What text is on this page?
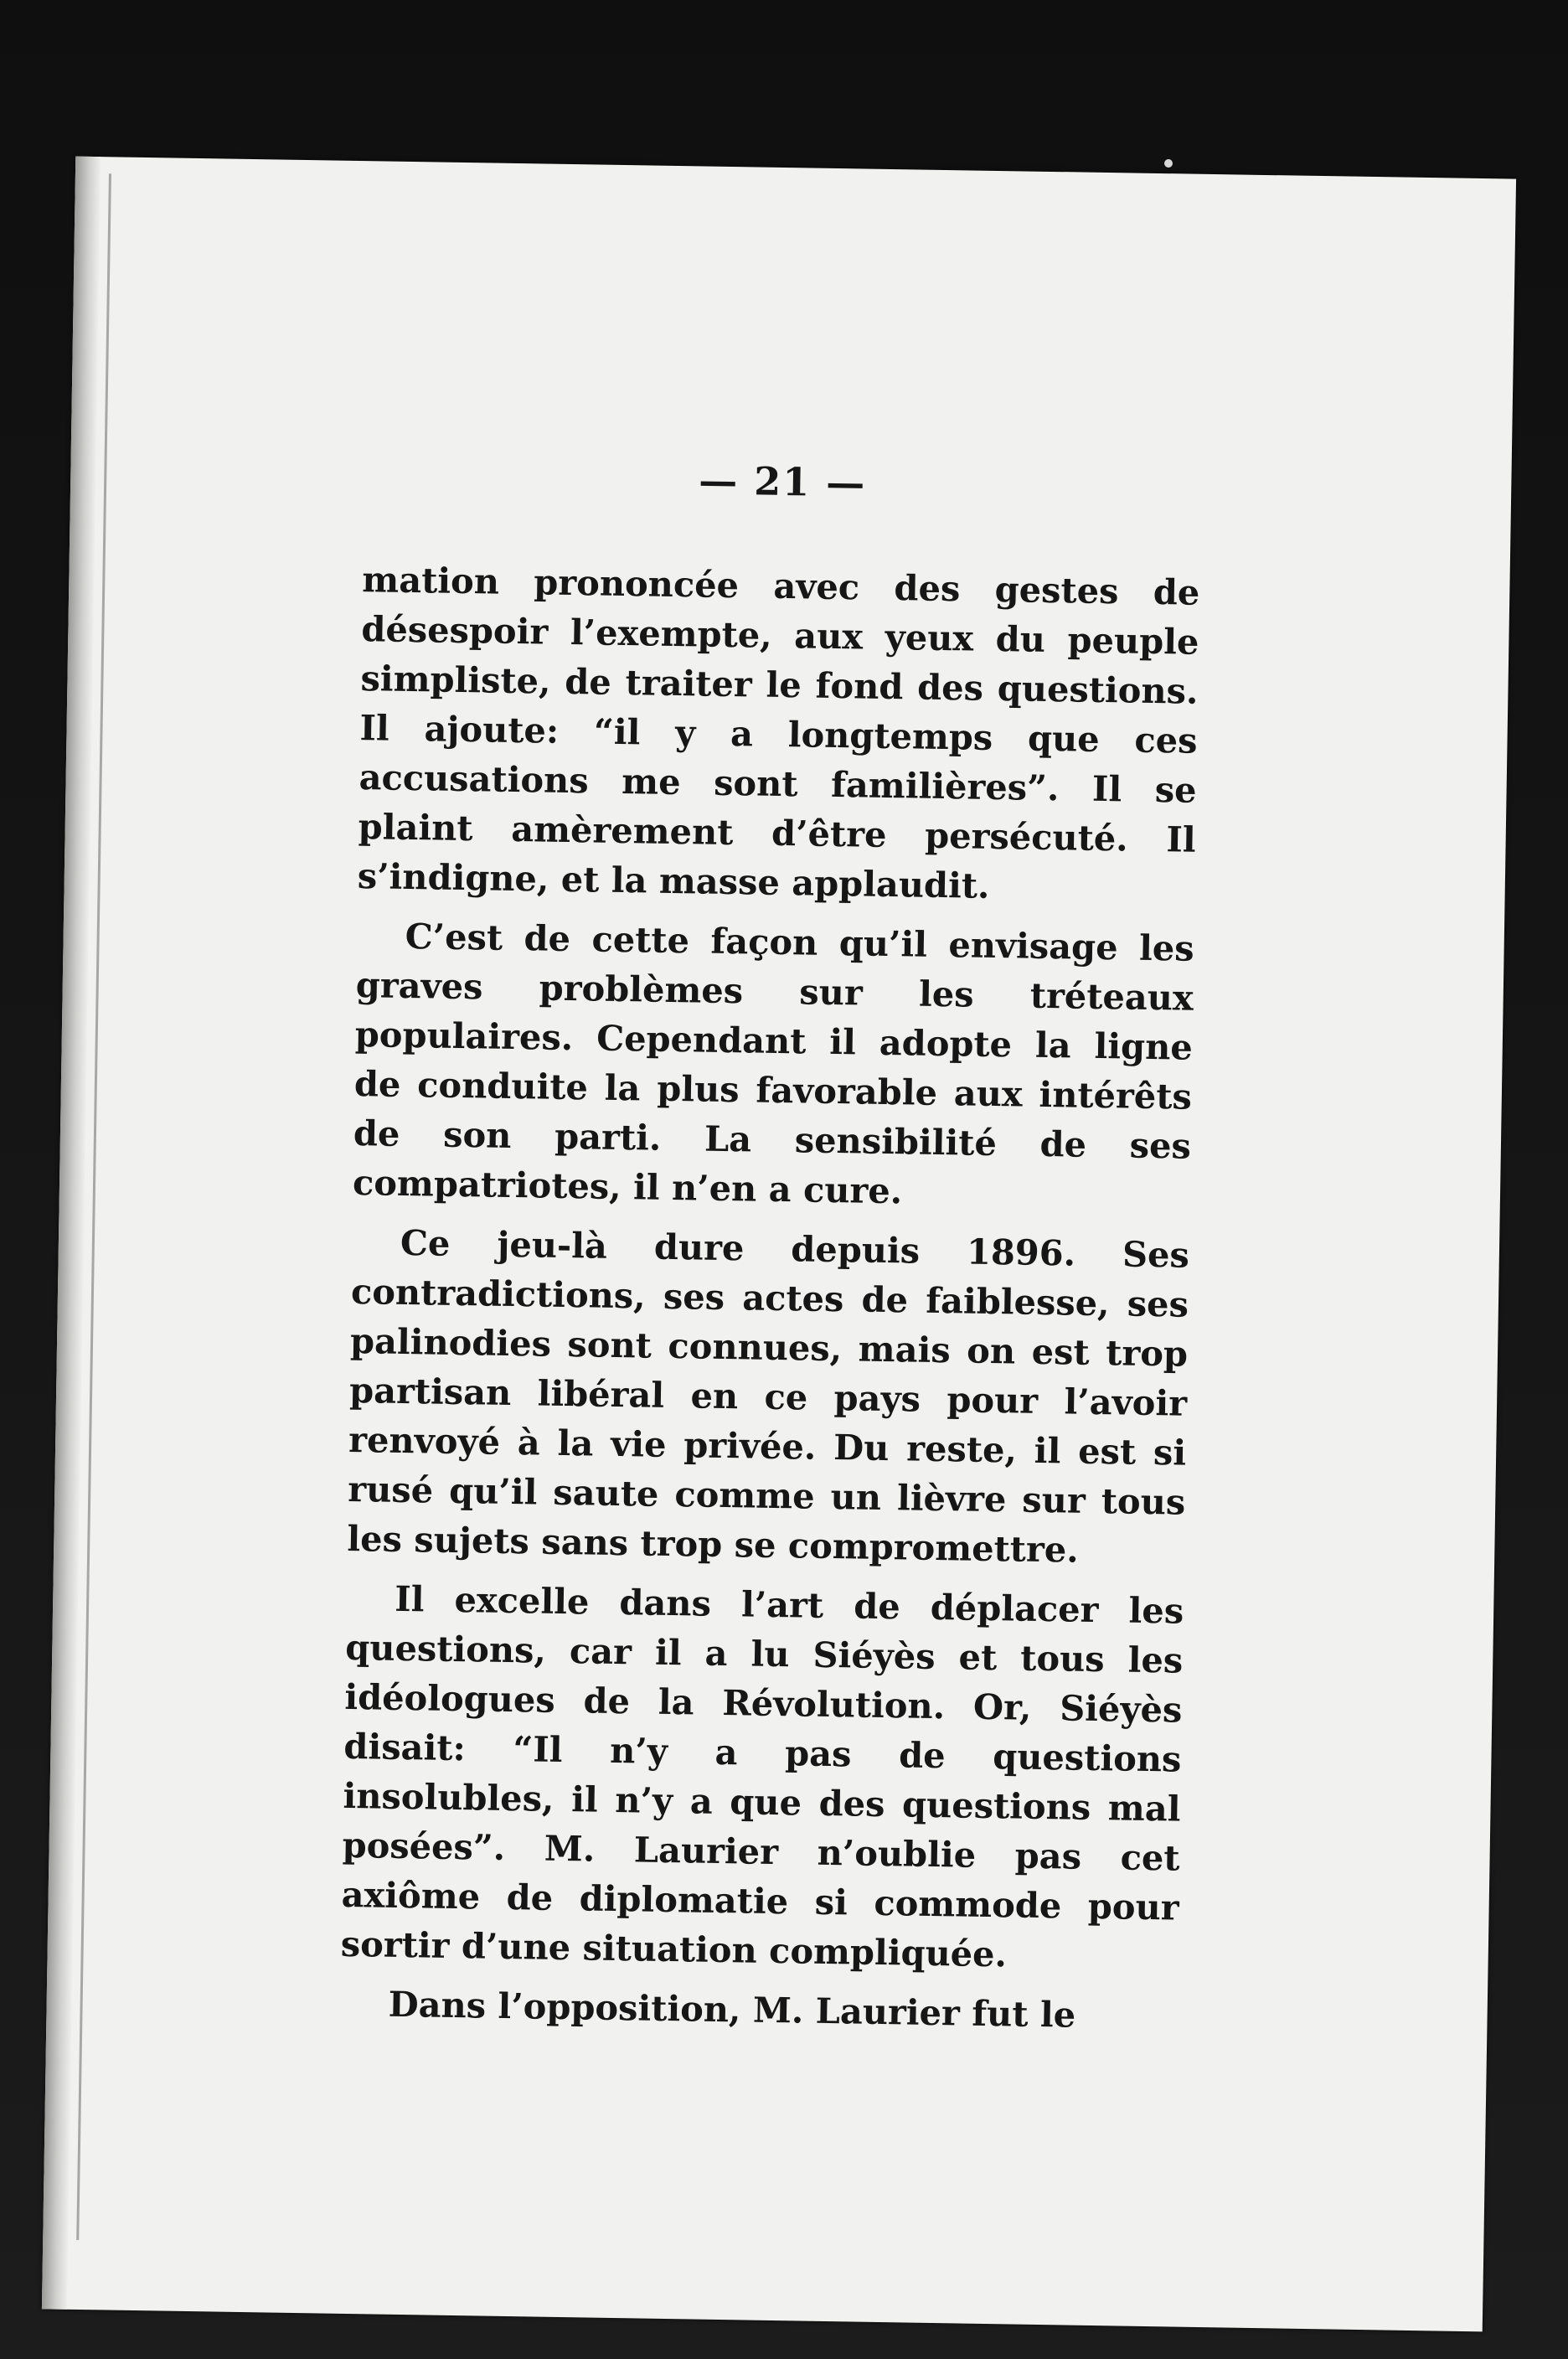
— 21 —

mation prononcée avec des gestes de désespoir l’exempte, aux yeux du peuple simpliste, de traiter le fond des questions. Il ajoute: “il y a longtemps que ces accusations me sont familières”. Il se plaint amèrement d’être persécuté. Il s’indigne, et la masse applaudit.

C’est de cette façon qu’il envisage les graves problèmes sur les tréteaux populaires. Cependant il adopte la ligne de conduite la plus favorable aux intérêts de son parti. La sensibilité de ses compatriotes, il n’en a cure.

Ce jeu-là dure depuis 1896. Ses contradictions, ses actes de faiblesse, ses palinodies sont connues, mais on est trop partisan libéral en ce pays pour l’avoir renvoyé à la vie privée. Du reste, il est si rusé qu’il saute comme un lièvre sur tous les sujets sans trop se compromettre.

Il excelle dans l’art de déplacer les questions, car il a lu Siéyès et tous les idéologues de la Révolution. Or, Siéyès disait: “Il n’y a pas de questions insolubles, il n’y a que des questions mal posées”. M. Laurier n’oublie pas cet axiôme de diplomatie si commode pour sortir d’une situation compliquée.

Dans l’opposition, M. Laurier fut le
